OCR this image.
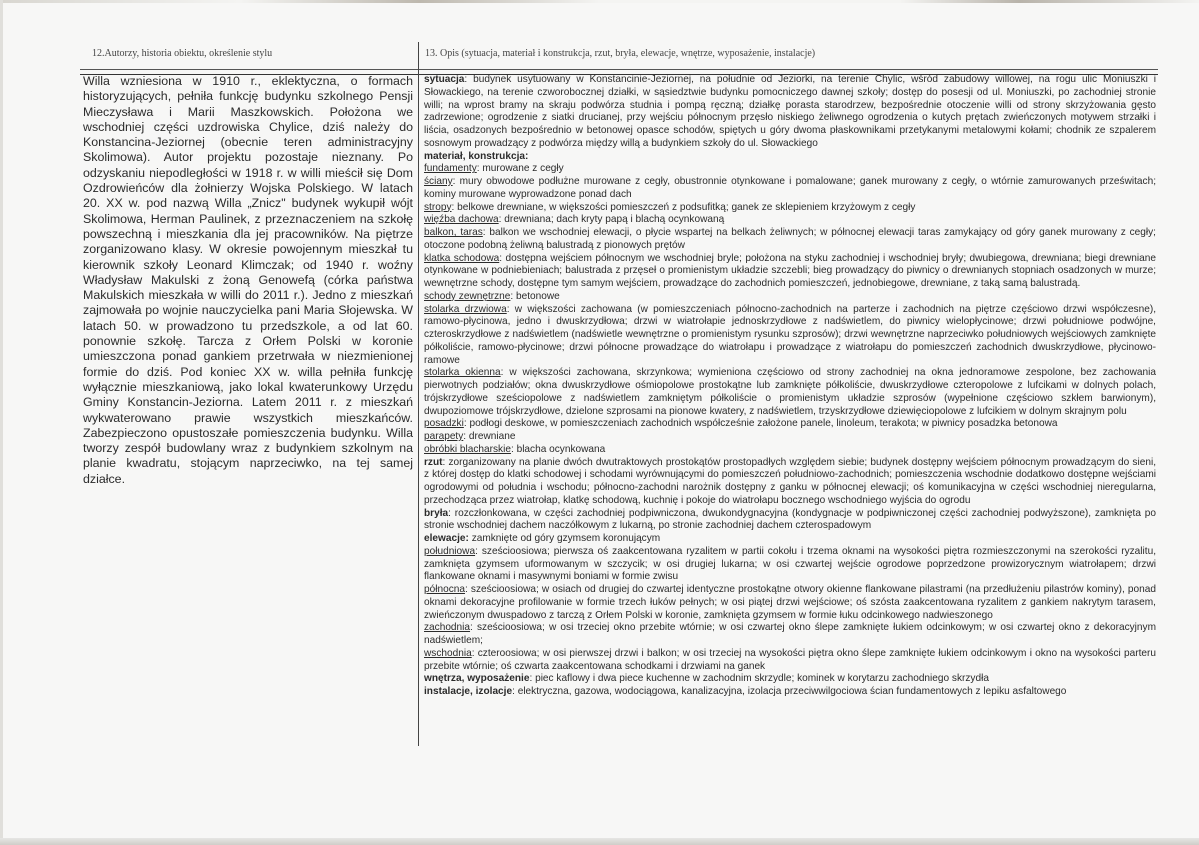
12.Autorzy, historia obiektu, określenie stylu	13. Opis (sytuacja, materiał i konstrukcja, rzut, bryła, elewacje, wnętrze, wyposażenie, instalacje)
Willa wzniesiona w 1910 r., eklektyczna, o formach historyzujących, pełniła funkcję budynku szkolnego Pensji Mieczysława i Marii Maszkowskich. Położona we wschodniej części uzdrowiska Chylice, dziś należy do Konstancina-Jeziornej (obecnie teren administracyjny Skolimowa). Autor projektu pozostaje nieznany. Po odzyskaniu niepodległości w 1918 r. w willi mieścił się Dom Ozdrowieńców dla żołnierzy Wojska Polskiego. W latach 20. XX w. pod nazwą Willa „Znicz" budynek wykupił wójt Skolimowa, Herman Paulinek, z przeznaczeniem na szkołę powszechną i mieszkania dla jej pracowników. Na piętrze zorganizowano klasy. W okresie powojennym mieszkał tu kierownik szkoły Leonard Klimczak; od 1940 r. woźny Władysław Makulski z żoną Genowefą (córka państwa Makulskich mieszkała w willi do 2011 r.). Jedno z mieszkań zajmowała po wojnie nauczycielka pani Maria Słojewska. W latach 50. w prowadzono tu przedszkole, a od lat 60. ponownie szkołę. Tarcza z Orłem Polski w koronie umieszczona ponad gankiem przetrwała w niezmienionej formie do dziś. Pod koniec XX w. willa pełniła funkcję wyłącznie mieszkaniową, jako lokal kwaterunkowy Urzędu Gminy Konstancin-Jeziorna. Latem 2011 r. z mieszkań wykwaterowano prawie wszystkich mieszkańców. Zabezpieczono opustoszałe pomieszczenia budynku. Willa tworzy zespół budowlany wraz z budynkiem szkolnym na planie kwadratu, stojącym naprzeciwko, na tej samej działce.

sytuacja: budynek usytuowany w Konstancinie-Jeziornej, na południe od Jeziorki, na terenie Chylic, wśród zabudowy willowej, na rogu ulic Moniuszki i Słowackiego, na terenie czworobocznej działki, w sąsiedztwie budynku pomocniczego dawnej szkoły; dostęp do posesji od ul. Moniuszki, po zachodniej stronie willi; na wprost bramy na skraju podwórza studnia i pompą ręczną; działkę porasta starodrzew, bezpośrednie otoczenie willi od strony skrzyżowania gęsto zadrzewione; ogrodzenie z siatki drucianej, przy wejściu północnym przęsło niskiego żeliwnego ogrodzenia o kutych prętach zwieńczonych motywem strzałki i liścia, osadzonych bezpośrednio w betonowej opasce schodów, spiętych u góry dwoma płaskownikami przetykanymi metalowymi kołami; chodnik ze szpalerem sosnowym prowadzący z podwórza między willą a budynkiem szkoły do ul. Słowackiego

materiał, konstrukcja:

fundamenty: murowane z cegły

ściany: mury obwodowe podłużne murowane z cegły, obustronnie otynkowane i pomalowane; ganek murowany z cegły, o wtórnie zamurowanych prześwitach; kominy murowane wyprowadzone ponad dach

stropy: belkowe drewniane, w większości pomieszczeń z podsufitką; ganek ze sklepieniem krzyżowym z cegły

więźba dachowa: drewniana; dach kryty papą i blachą ocynkowaną

balkon, taras: balkon we wschodniej elewacji, o płycie wspartej na belkach żeliwnych; w północnej elewacji taras zamykający od góry ganek murowany z cegły; otoczone podobną żeliwną balustradą z pionowych prętów

klatka schodowa: dostępna wejściem północnym we wschodniej bryle; położona na styku zachodniej i wschodniej bryły; dwubiegowa, drewniana; biegi drewniane otynkowane w podniebieniach; balustrada z przęseł o promienistym układzie szczebli; bieg prowadzący do piwnicy o drewnianych stopniach osadzonych w murze; wewnętrzne schody, dostępne tym samym wejściem, prowadzące do zachodnich pomieszczeń, jednobiegowe, drewniane, z taką samą balustradą.

schody zewnętrzne: betonowe

stolarka drzwiowa: w większości zachowana (w pomieszczeniach północno-zachodnich na parterze i zachodnich na piętrze częściowo drzwi współczesne), ramowo-płycinowa, jedno i dwuskrzydłowa; drzwi w wiatrołapie jednoskrzydłowe z nadświetlem, do piwnicy wielopłycinowe; drzwi południowe podwójne, czteroskrzydłowe z nadświetlem (nadświetle wewnętrzne o promienistym rysunku szprosów); drzwi wewnętrzne naprzeciwko południowych wejściowych zamknięte półkoliście, ramowo-płycinowe; drzwi północne prowadzące do wiatrołapu i prowadzące z wiatrołapu do pomieszczeń zachodnich dwuskrzydłowe, płycinowo-ramowe

stolarka okienna: w większości zachowana, skrzynkowa; wymieniona częściowo od strony zachodniej na okna jednoramowe zespolone, bez zachowania pierwotnych podziałów; okna dwuskrzydłowe ośmiopolowe prostokątne lub zamknięte półkoliście, dwuskrzydłowe czteropolowe z lufcikami w dolnych polach, trójskrzydłowe sześciopolowe z nadświetlem zamkniętym półkoliście o promienistym układzie szprosów (wypełnione częściowo szkłem barwionym), dwupoziomowe trójskrzydłowe, dzielone szprosami na pionowe kwatery, z nadświetlem, trzyskrzydłowe dziewięciopolowe z lufcikiem w dolnym skrajnym polu

posadzki: podłogi deskowe, w pomieszczeniach zachodnich współcześnie założone panele, linoleum, terakota; w piwnicy posadzka betonowa

parapety: drewniane

obróbki blacharskie: blacha ocynkowana

rzut: zorganizowany na planie dwóch dwutraktowych prostokątów prostopadłych względem siebie; budynek dostępny wejściem północnym prowadzącym do sieni, z której dostęp do klatki schodowej i schodami wyrównującymi do pomieszczeń południowo-zachodnich; pomieszczenia wschodnie dodatkowo dostępne wejściami ogrodowymi od południa i wschodu; północno-zachodni narożnik dostępny z ganku w północnej elewacji; oś komunikacyjna w części wschodniej nieregularna, przechodząca przez wiatrołap, klatkę schodową, kuchnię i pokoje do wiatrołapu bocznego wschodniego wyjścia do ogrodu

bryła: rozczłonkowana, w części zachodniej podpiwniczona, dwukondygnacyjna (kondygnacje w podpiwniczonej części zachodniej podwyższone), zamknięta po stronie wschodniej dachem naczółkowym z lukarną, po stronie zachodniej dachem czterospadowym

elewacje: zamknięte od góry gzymsem koronującym

południowa: sześcioosiowa; pierwsza oś zaakcentowana ryzalitem w partii cokołu i trzema oknami na wysokości piętra rozmieszczonymi na szerokości ryzalitu, zamknięta gzymsem uformowanym w szczycik; w osi drugiej lukarna; w osi czwartej wejście ogrodowe poprzedzone prowizorycznym wiatrołapem; drzwi flankowane oknami i masywnymi boniami w formie zwisu

północna: sześcioosiowa; w osiach od drugiej do czwartej identyczne prostokątne otwory okienne flankowane pilastrami (na przedłużeniu pilastrów kominy), ponad oknami dekoracyjne profilowanie w formie trzech łuków pełnych; w osi piątej drzwi wejściowe; oś szósta zaakcentowana ryzalitem z gankiem nakrytym tarasem, zwieńczonym dwuspadowo z tarczą z Orłem Polski w koronie, zamknięta gzymsem w formie łuku odcinkowego nadwieszonego

zachodnia: sześcioosiowa; w osi trzeciej okno przebite wtórnie; w osi czwartej okno ślepe zamknięte łukiem odcinkowym; w osi czwartej okno z dekoracyjnym nadświetlem;

wschodnia: czteroosiowa; w osi pierwszej drzwi i balkon; w osi trzeciej na wysokości piętra okno ślepe zamknięte łukiem odcinkowym i okno na wysokości parteru przebite wtórnie; oś czwarta zaakcentowana schodkami i drzwiami na ganek

wnętrza, wyposażenie: piec kaflowy i dwa piece kuchenne w zachodnim skrzydle; kominek w korytarzu zachodniego skrzydła

instalacje, izolacje: elektryczna, gazowa, wodociągowa, kanalizacyjna, izolacja przeciwwilgociowa ścian fundamentowych z lepiku asfaltowego
